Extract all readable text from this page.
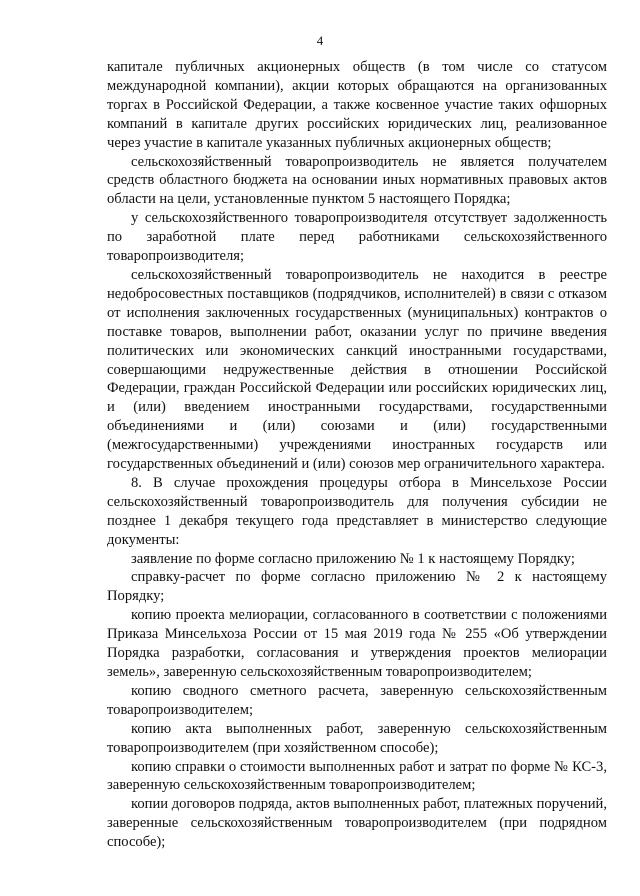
4

капитале публичных акционерных обществ (в том числе со статусом международной компании), акции которых обращаются на организованных торгах в Российской Федерации, а также косвенное участие таких офшорных компаний в капитале других российских юридических лиц, реализованное через участие в капитале указанных публичных акционерных обществ;

сельскохозяйственный товаропроизводитель не является получателем средств областного бюджета на основании иных нормативных правовых актов области на цели, установленные пунктом 5 настоящего Порядка;

у сельскохозяйственного товаропроизводителя отсутствует задолженность по заработной плате перед работниками сельскохозяйственного товаропроизводителя;

сельскохозяйственный товаропроизводитель не находится в реестре недобросовестных поставщиков (подрядчиков, исполнителей) в связи с отказом от исполнения заключенных государственных (муниципальных) контрактов о поставке товаров, выполнении работ, оказании услуг по причине введения политических или экономических санкций иностранными государствами, совершающими недружественные действия в отношении Российской Федерации, граждан Российской Федерации или российских юридических лиц, и (или) введением иностранными государствами, государственными объединениями и (или) союзами и (или) государственными (межгосударственными) учреждениями иностранных государств или государственных объединений и (или) союзов мер ограничительного характера.

8. В случае прохождения процедуры отбора в Минсельхозе России сельскохозяйственный товаропроизводитель для получения субсидии не позднее 1 декабря текущего года представляет в министерство следующие документы:

заявление по форме согласно приложению № 1 к настоящему Порядку;

справку-расчет по форме согласно приложению № 2 к настоящему Порядку;

копию проекта мелиорации, согласованного в соответствии с положениями Приказа Минсельхоза России от 15 мая 2019 года № 255 «Об утверждении Порядка разработки, согласования и утверждения проектов мелиорации земель», заверенную сельскохозяйственным товаропроизводителем;

копию сводного сметного расчета, заверенную сельскохозяйственным товаропроизводителем;

копию акта выполненных работ, заверенную сельскохозяйственным товаропроизводителем (при хозяйственном способе);

копию справки о стоимости выполненных работ и затрат по форме № КС-3, заверенную сельскохозяйственным товаропроизводителем;

копии договоров подряда, актов выполненных работ, платежных поручений, заверенные сельскохозяйственным товаропроизводителем (при подрядном способе);
